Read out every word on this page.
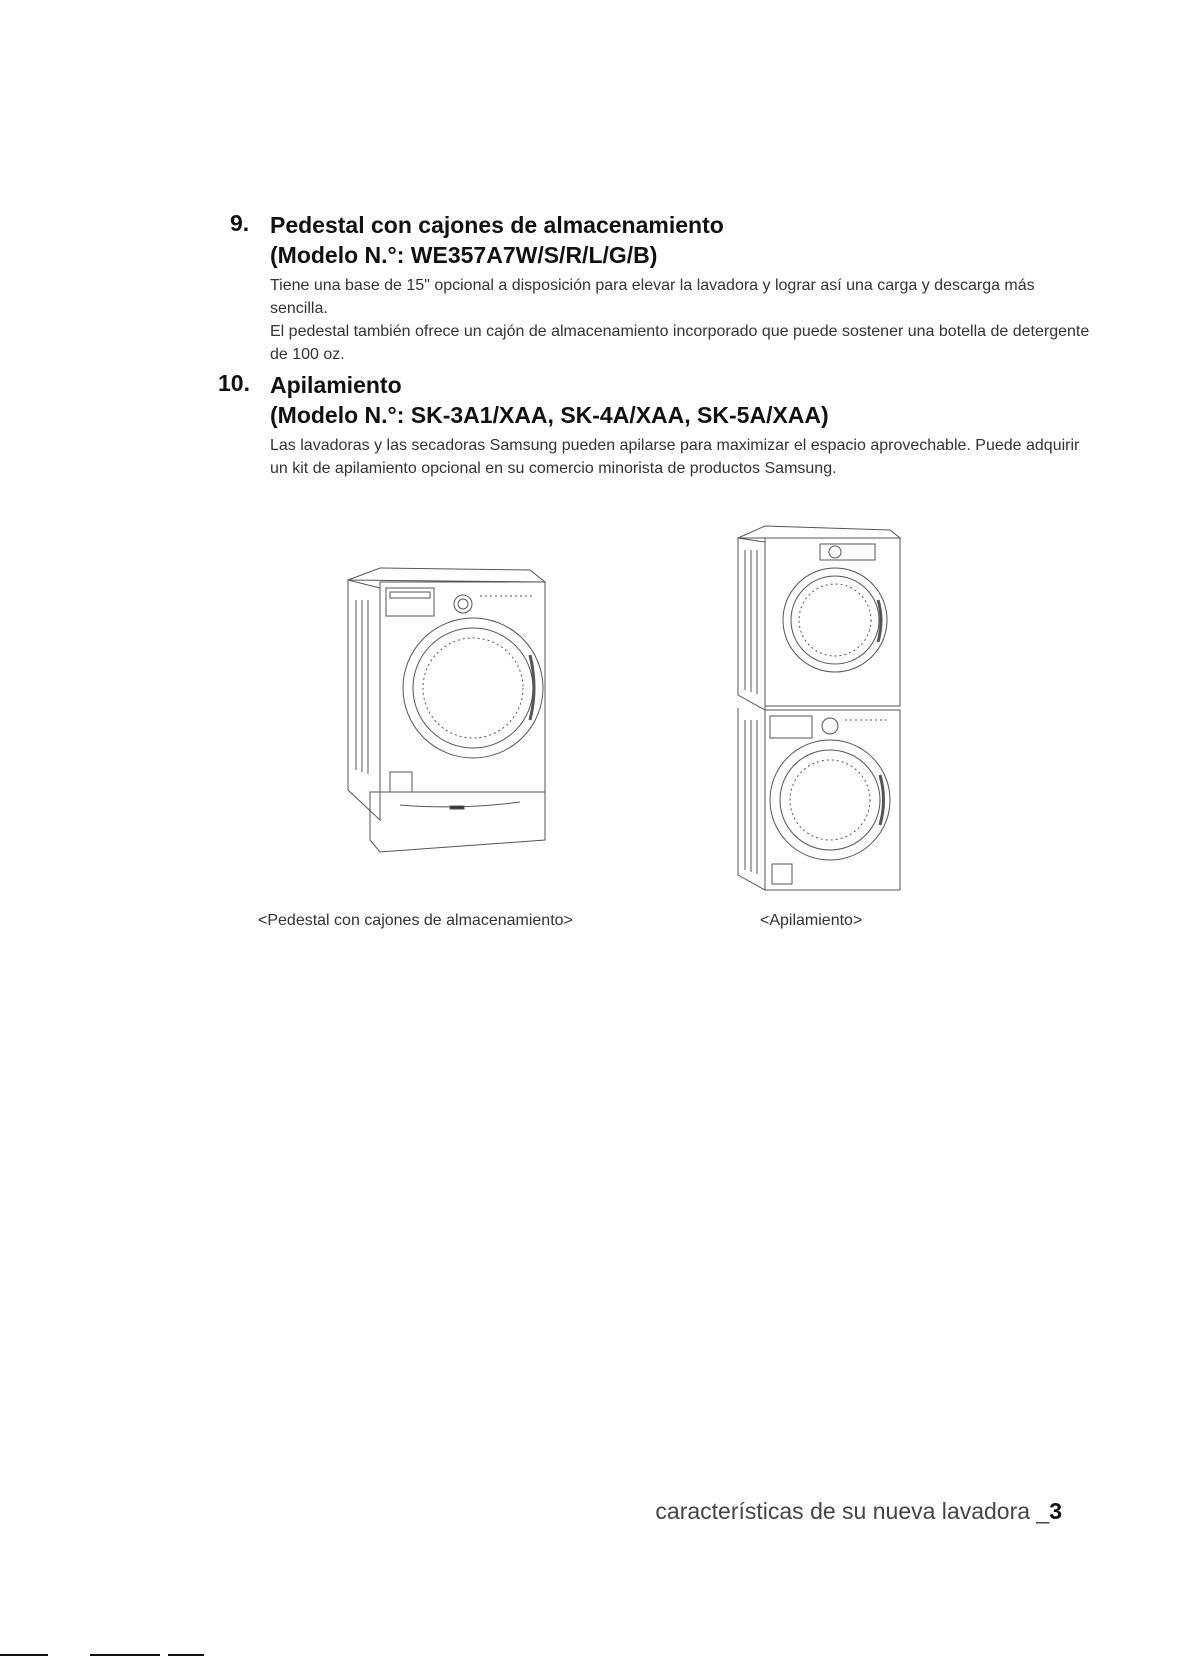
9. Pedestal con cajones de almacenamiento
(Modelo N.°: WE357A7W/S/R/L/G/B)

Tiene una base de 15" opcional a disposición para elevar la lavadora y lograr así una carga y descarga más sencilla.

El pedestal también ofrece un cajón de almacenamiento incorporado que puede sostener una botella de detergente de 100 oz.

10. Apilamiento
(Modelo N.°: SK-3A1/XAA, SK-4A/XAA, SK-5A/XAA)

Las lavadoras y las secadoras Samsung pueden apilarse para maximizar el espacio aprovechable. Puede adquirir un kit de apilamiento opcional en su comercio minorista de productos Samsung.

<Pedestal con cajones de almacenamiento>	<Apilamiento>
características de su nueva lavadora _3
